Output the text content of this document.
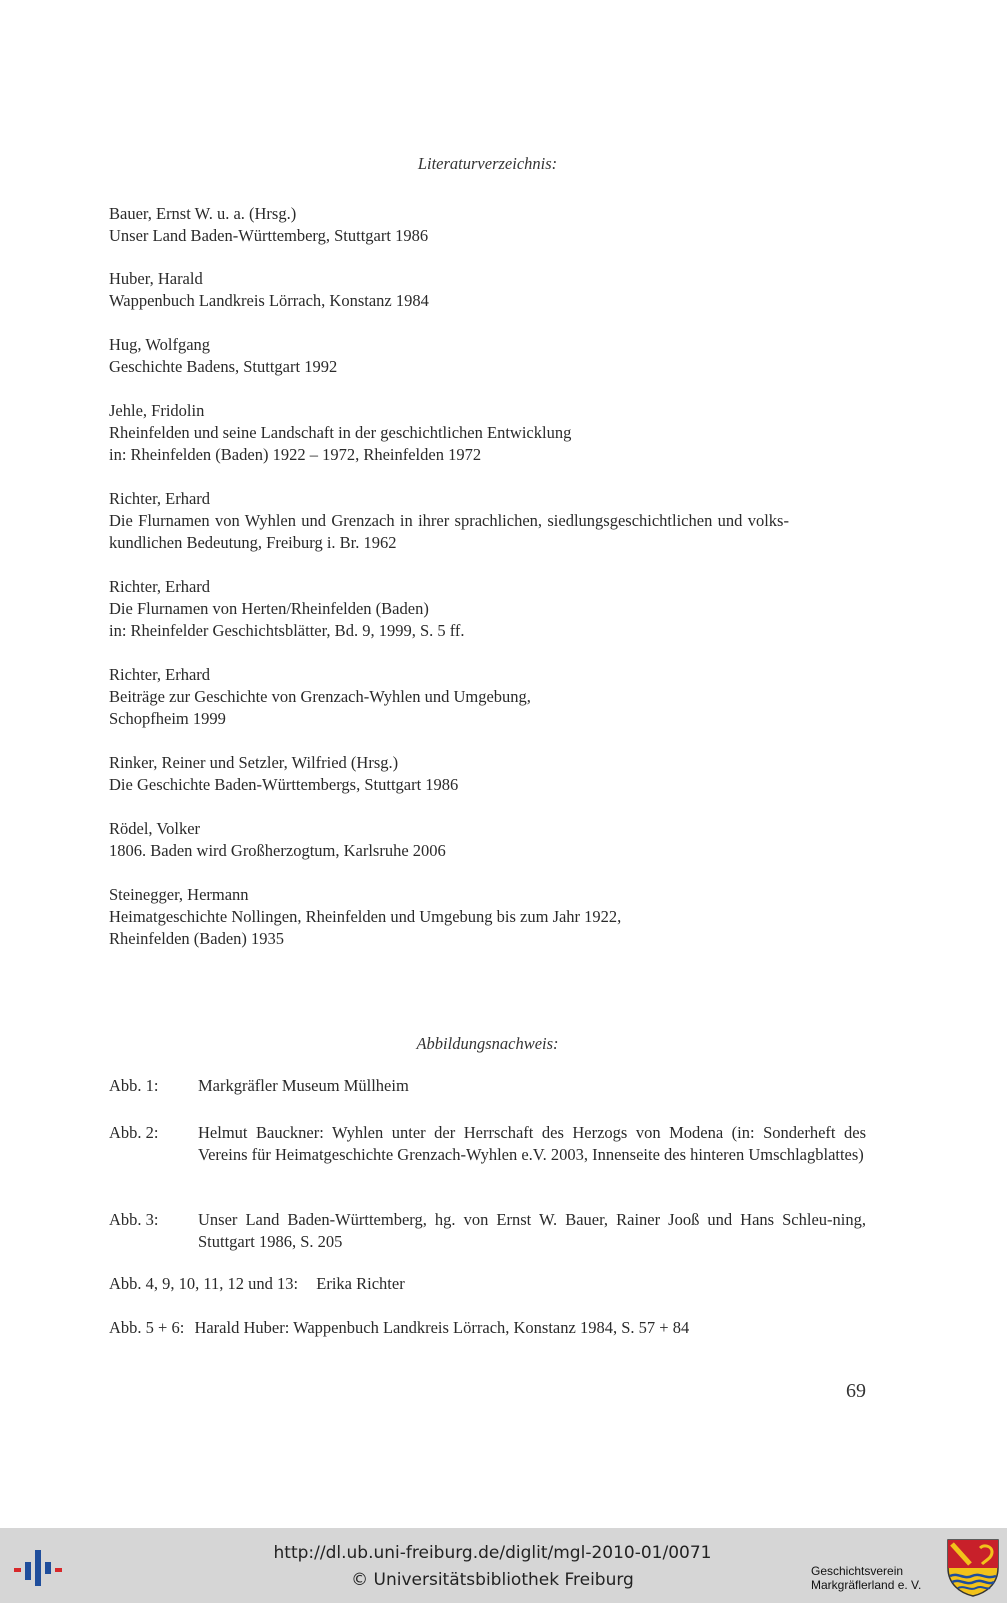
Literaturverzeichnis:
Bauer, Ernst W. u. a. (Hrsg.)
Unser Land Baden-Württemberg, Stuttgart 1986
Huber, Harald
Wappenbuch Landkreis Lörrach, Konstanz 1984
Hug, Wolfgang
Geschichte Badens, Stuttgart 1992
Jehle, Fridolin
Rheinfelden und seine Landschaft in der geschichtlichen Entwicklung
in: Rheinfelden (Baden) 1922 – 1972, Rheinfelden 1972
Richter, Erhard
Die Flurnamen von Wyhlen und Grenzach in ihrer sprachlichen, siedlungsgeschichtlichen und volks-
kundlichen Bedeutung, Freiburg i. Br. 1962
Richter, Erhard
Die Flurnamen von Herten/Rheinfelden (Baden)
in: Rheinfelder Geschichtsblätter, Bd. 9, 1999, S. 5 ff.
Richter, Erhard
Beiträge zur Geschichte von Grenzach-Wyhlen und Umgebung,
Schopfheim 1999
Rinker, Reiner und Setzler, Wilfried (Hrsg.)
Die Geschichte Baden-Württembergs, Stuttgart 1986
Rödel, Volker
1806. Baden wird Großherzogtum, Karlsruhe 2006
Steinegger, Hermann
Heimatgeschichte Nollingen, Rheinfelden und Umgebung bis zum Jahr 1922,
Rheinfelden (Baden) 1935
Abbildungsnachweis:
Abb. 1: Markgräfler Museum Müllheim
Abb. 2: Helmut Bauckner: Wyhlen unter der Herrschaft des Herzogs von Modena (in: Sonderheft des Vereins für Heimatgeschichte Grenzach-Wyhlen e.V. 2003, Innenseite des hinteren Umschlagblattes)
Abb. 3: Unser Land Baden-Württemberg, hg. von Ernst W. Bauer, Rainer Jooß und Hans Schleu-ning, Stuttgart 1986, S. 205
Abb. 4, 9, 10, 11, 12 und 13: Erika Richter
Abb. 5 + 6: Harald Huber: Wappenbuch Landkreis Lörrach, Konstanz 1984, S. 57 + 84
69
http://dl.ub.uni-freiburg.de/diglit/mgl-2010-01/0071
© Universitätsbibliothek Freiburg	Geschichtsverein
Markgräflerland e. V.
